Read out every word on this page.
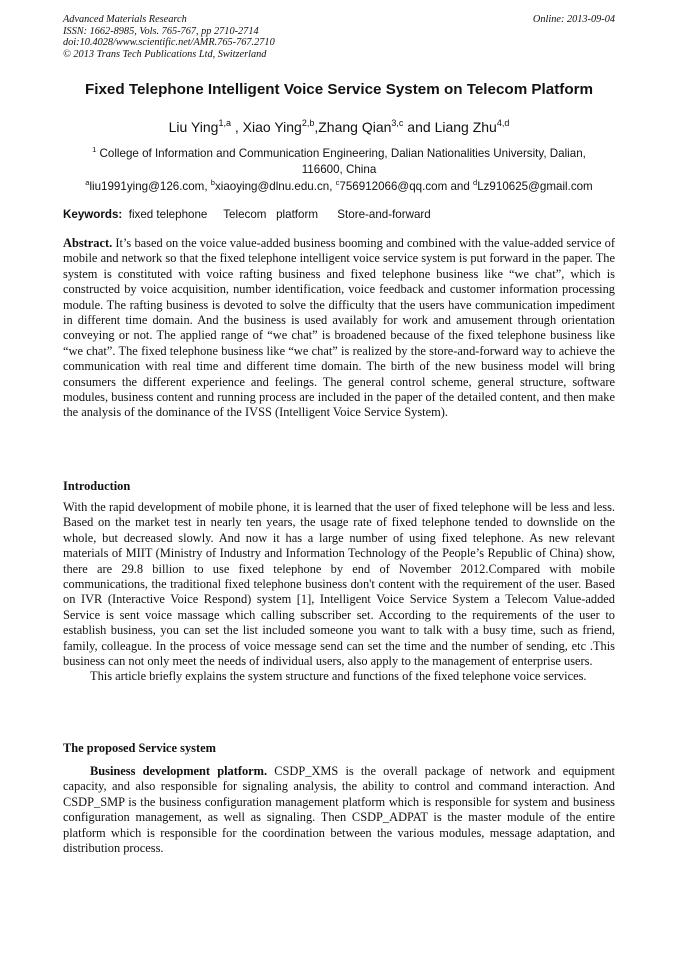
Advanced Materials Research
ISSN: 1662-8985, Vols. 765-767, pp 2710-2714
doi:10.4028/www.scientific.net/AMR.765-767.2710
© 2013 Trans Tech Publications Ltd, Switzerland
Online: 2013-09-04
Fixed Telephone Intelligent Voice Service System on Telecom Platform
Liu Ying$^{1,a}$ , Xiao Ying$^{2,b}$,Zhang Qian$^{3,c}$ and Liang Zhu$^{4,d}$
$^1$ College of Information and Communication Engineering, Dalian Nationalities University, Dalian, 116600, China
$^a$liu1991ying@126.com, $^b$xiaoying@dlnu.edu.cn, $^c$756912066@qq.com and $^d$Lz910625@gmail.com
Keywords:  fixed telephone     Telecom   platform      Store-and-forward
Abstract. It’s based on the voice value-added business booming and combined with the value-added service of mobile and network so that the fixed telephone intelligent voice service system is put forward in the paper. The system is constituted with voice rafting business and fixed telephone business like “we chat”, which is constructed by voice acquisition, number identification, voice feedback and customer information processing module. The rafting business is devoted to solve the difficulty that the users have communication impediment in different time domain. And the business is used availably for work and amusement through orientation conveying or not. The applied range of “we chat” is broadened because of the fixed telephone business like “we chat”. The fixed telephone business like “we chat” is realized by the store-and-forward way to achieve the communication with real time and different time domain. The birth of the new business model will bring consumers the different experience and feelings. The general control scheme, general structure, software modules, business content and running process are included in the paper of the detailed content, and then make the analysis of the dominance of the IVSS (Intelligent Voice Service System).
Introduction
With the rapid development of mobile phone, it is learned that the user of fixed telephone will be less and less. Based on the market test in nearly ten years, the usage rate of fixed telephone tended to downslide on the whole, but decreased slowly. And now it has a large number of using fixed telephone. As new relevant materials of MIIT (Ministry of Industry and Information Technology of the People’s Republic of China) show, there are 29.8 billion to use fixed telephone by end of November 2012.Compared with mobile communications, the traditional fixed telephone business don't content with the requirement of the user. Based on IVR (Interactive Voice Respond) system [1], Intelligent Voice Service System a Telecom Value-added Service is sent voice massage which calling subscriber set. According to the requirements of the user to establish business, you can set the list included someone you want to talk with a busy time, such as friend, family, colleague. In the process of voice message send can set the time and the number of sending, etc .This business can not only meet the needs of individual users, also apply to the management of enterprise users.
This article briefly explains the system structure and functions of the fixed telephone voice services.
The proposed Service system
Business development platform. CSDP_XMS is the overall package of network and equipment capacity, and also responsible for signaling analysis, the ability to control and command interaction. And CSDP_SMP is the business configuration management platform which is responsible for system and business configuration management, as well as signaling. Then CSDP_ADPAT is the master module of the entire platform which is responsible for the coordination between the various modules, message adaptation, and distribution process.
